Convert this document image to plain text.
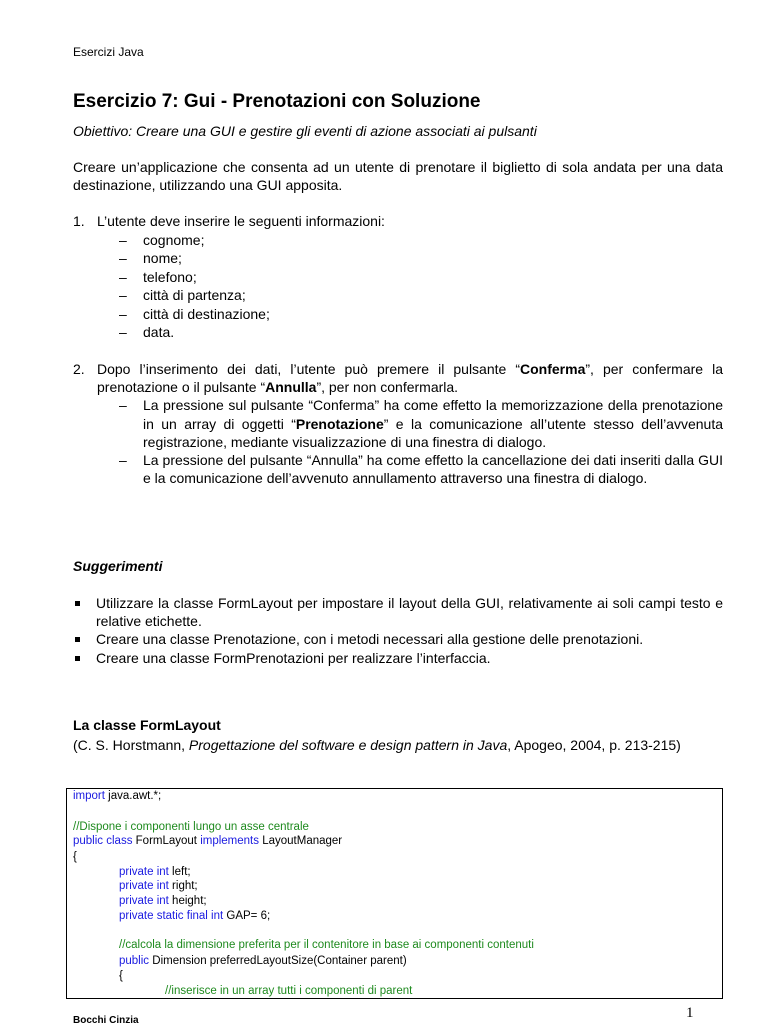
Esercizi Java
Esercizio 7: Gui - Prenotazioni con Soluzione
Obiettivo: Creare una GUI e gestire gli eventi di azione associati ai pulsanti
Creare un’applicazione che consenta ad un utente di prenotare il biglietto di sola andata per una data destinazione, utilizzando una GUI apposita.
1. L’utente deve inserire le seguenti informazioni:
– cognome;
– nome;
– telefono;
– città di partenza;
– città di destinazione;
– data.
2. Dopo l’inserimento dei dati, l’utente può premere il pulsante “Conferma”, per confermare la prenotazione o il pulsante “Annulla”, per non confermarla.
– La pressione sul pulsante “Conferma” ha come effetto la memorizzazione della prenotazione in un array di oggetti “Prenotazione” e la comunicazione all’utente stesso dell’avvenuta registrazione, mediante visualizzazione di una finestra di dialogo.
– La pressione del pulsante “Annulla” ha come effetto la cancellazione dei dati inseriti dalla GUI e la comunicazione dell’avvenuto annullamento attraverso una finestra di dialogo.
Suggerimenti
Utilizzare la classe FormLayout per impostare il layout della GUI, relativamente ai soli campi testo e relative etichette.
Creare una classe Prenotazione, con i metodi necessari alla gestione delle prenotazioni.
Creare una classe FormPrenotazioni per realizzare l’interfaccia.
La classe FormLayout
(C. S. Horstmann, Progettazione del software e design pattern in Java, Apogeo, 2004, p. 213-215)
import java.awt.*;
//Dispone i componenti lungo un asse centrale
public class FormLayout implements LayoutManager
{
private int left;
private int right;
private int height;
private static final int GAP= 6;
//calcola la dimensione preferita per il contenitore in base ai componenti contenuti
public Dimension preferredLayoutSize(Container parent)
{
//inserisce in un array tutti i componenti di parent
Bocchi Cinzia	1
